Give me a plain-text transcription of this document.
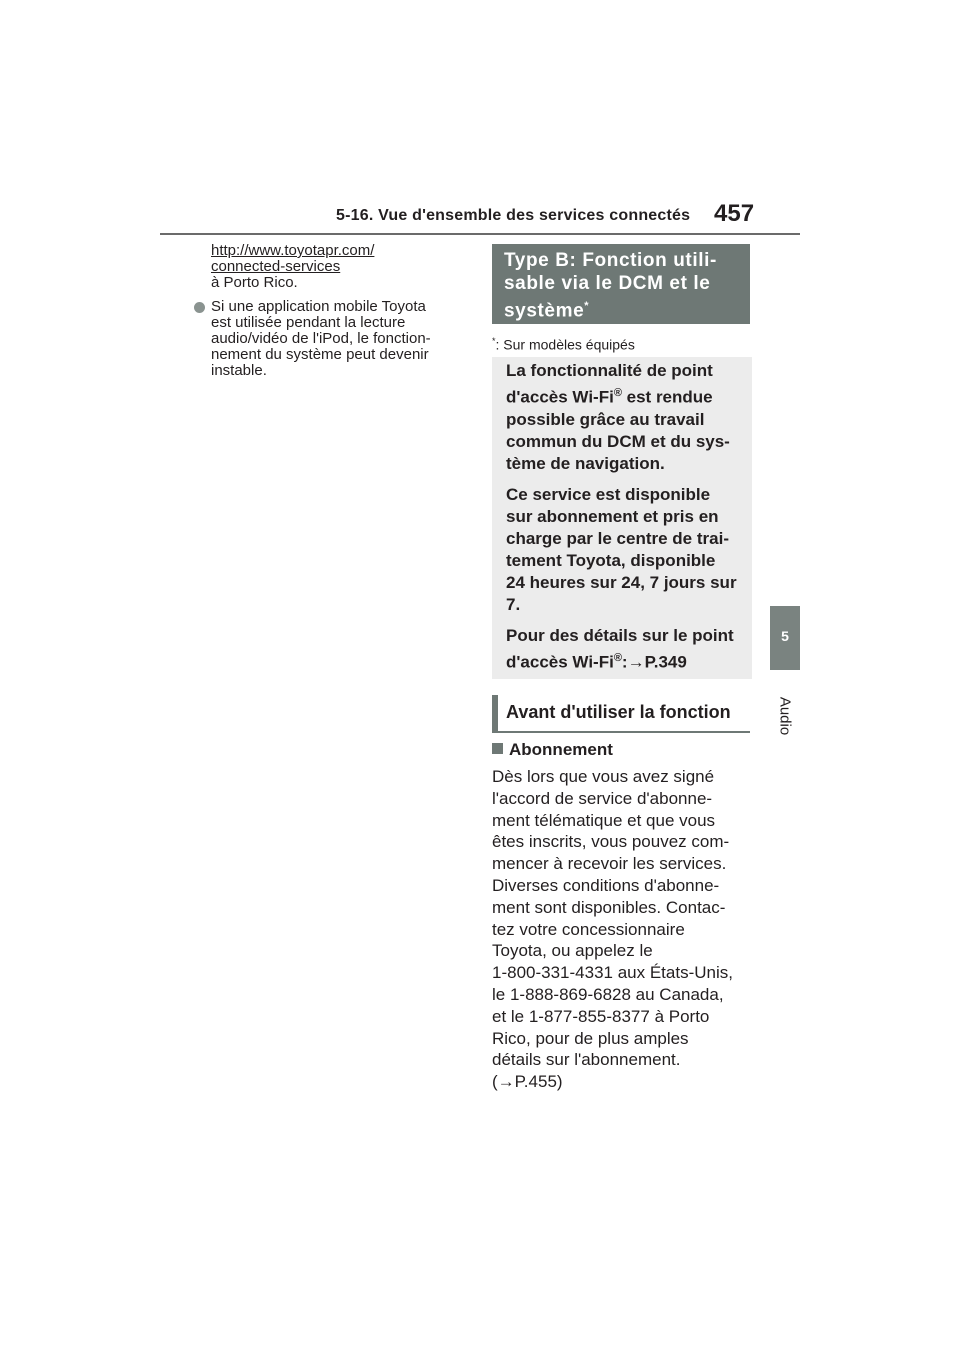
5-16. Vue d'ensemble des services connectés 457
5
Audio
http://www.toyotapr.com/
connected-services
à Porto Rico.
Si une application mobile Toyota
est utilisée pendant la lecture
audio/vidéo de l'iPod, le fonction-
nement du système peut devenir
instable.
Type B: Fonction utili-
sable via le DCM et le
système*
*: Sur modèles équipés

La fonctionnalité de point d'accès Wi-Fi® est rendue possible grâce au travail commun du DCM et du sys-tème de navigation.

Ce service est disponible sur abonnement et pris en charge par le centre de trai-tement Toyota, disponible 24 heures sur 24, 7 jours sur 7.

Pour des détails sur le point d'accès Wi-Fi®:→P.349

Avant d'utiliser la fonction
Abonnement
Dès lors que vous avez signé
l'accord de service d'abonne-
ment télématique et que vous
êtes inscrits, vous pouvez com-
mencer à recevoir les services.
Diverses conditions d'abonne-
ment sont disponibles. Contac-
tez votre concessionnaire
Toyota, ou appelez le
1-800-331-4331 aux États-Unis,
le 1-888-869-6828 au Canada,
et le 1-877-855-8377 à Porto
Rico, pour de plus amples
détails sur l'abonnement.
(→P.455)
